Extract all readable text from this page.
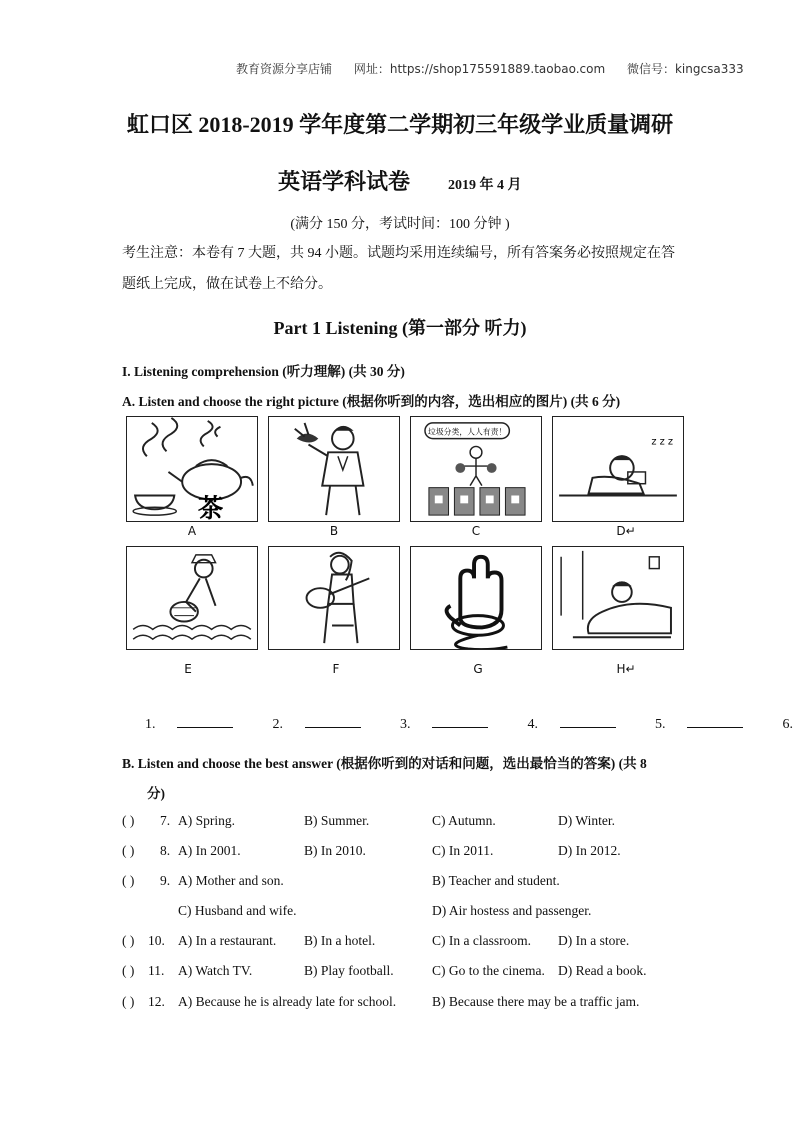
教育资源分享店铺 网址：https://shop175591889.taobao.com 微信号：kingcsa333
虹口区 2018-2019 学年度第二学期初三年级学业质量调研
英语学科试卷	2019 年 4 月
(满分 150 分，考试时间：100 分钟 )
考生注意：本卷有 7 大题，共 94 小题。试题均采用连续编号，所有答案务必按照规定在答题纸上完成，做在试卷上不给分。
Part 1 Listening (第一部分 听力)
I. Listening comprehension (听力理解) (共 30 分)
A. Listen and choose the right picture (根据你听到的内容，选出相应的图片) (共 6 分)
茶
垃圾分类，人人有责！
z z z
A	B	C	D↵
E	F	G	H↵
1.	2.	3.	4.	5.	6.
B. Listen and choose the best answer (根据你听到的对话和问题，选出最恰当的答案) (共 8
分)
( ) 7. A) Spring.	B) Summer.	C) Autumn.	D) Winter.
( ) 8. A) In 2001.	B) In 2010.	C) In 2011.	D) In 2012.
( ) 9. A) Mother and son.	B) Teacher and student.
C) Husband and wife.	D) Air hostess and passenger.
( ) 10. A) In a restaurant. B) In a hotel.	C) In a classroom. D) In a store.
( ) 11. A) Watch TV.	B) Play football.	C) Go to the cinema. D) Read a book.
( ) 12. A) Because he is already late for school.	B) Because there may be a traffic jam.
